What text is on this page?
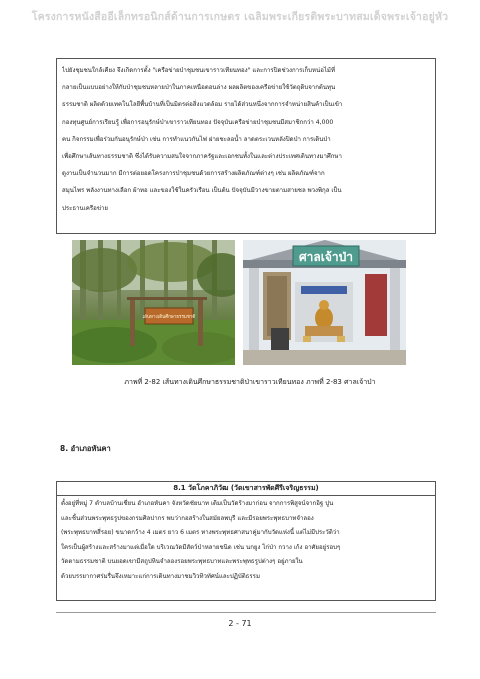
โครงการหนังสืออีเล็กทรอนิกส์ด้านการเกษตร เฉลิมพระเกียรติพระบาทสมเด็จพระเจ้าอยู่หัว

ไปยังชุมชนใกล้เคียง จึงเกิดการตั้ง "เครือข่ายป่าชุมชนเขาราวเทียนทอง" และการปิดช่วงการเก็บหน่อไม้ที่

กลายเป็นแบบอย่างให้กับป่าชุมชนหลายป่าในภาคเหนือตอนล่าง ผลผลิตของเครือข่ายใช้วัตถุดิบจากต้นทุน

ธรรมชาติ ผลิตด้วยเทคโนโลยีพื้นบ้านที่เป็นมิตรต่อสิ่งแวดล้อม รายได้ส่วนหนึ่งจากการจำหน่ายสินค้าเป็นเข้า

กองทุนศูนย์การเรียนรู้ เพื่อการอนุรักษ์ป่าเขาราวเทียนทอง ปัจจุบันเครือข่ายป่าชุมชนมีสมาชิกกว่า 4,000

คน กิจกรรมเพื่อร่วมกันอนุรักษ์ป่า เช่น การทำแนวกันไฟ ฝายชะลอน้ำ ลาดตระเวนหลังปิดป่า การเดินป่า

เพื่อศึกษาเส้นทางธรรมชาติ ซึ่งได้รับความสนใจจากภาครัฐและเอกชนทั้งในและต่างประเทศเดินทางมาศึกษา

ดูงานเป็นจำนวนมาก มีการต่อยอดโครงการป่าชุมชนด้วยการสร้างผลิตภัณฑ์ต่างๆ เช่น ผลิตภัณฑ์จาก

สมุนไพร พลังงานทางเลือก ผ้าทอ และของใช้ในครัวเรือน เป็นต้น ปัจจุบันมีวางขายตามสายชล พวงพิกุล เป็น

ประธานเครือข่าย

เส้นทางเดินศึกษาธรรมชาติ
ศาลเจ้าป่า
ภาพที่ 2-82 เส้นทางเดินศึกษาธรรมชาติป่าเขาราวเทียนทอง ภาพที่ 2-83 ศาลเจ้าป่า
8. อำเภอหันคา
8.1 วัดโภคาภิวัฒ (วัดเขาสารพัดศีรีเจริญธรรม)

ตั้งอยู่ที่หมู่ 7 ตำบลบ้านเชี่ยน อำเภอหันคา จังหวัดชัยนาท เดิมเป็นวัดร้างมาก่อน จากการพิสูจน์จากอิฐ ปูน

และชิ้นส่วนพระพุทธรูปของกรมศิลปากร พบว่ากอสร้างในสมัยลพบุรี และมีรอยพระพุทธบาทจำลอง

(พระพุทธบาทสี่รอย) ขนาดกว้าง 4 เมตร ยาว 6 เมตร ทางพระพุทธศาสนาคู่มากับวัดแห่งนี้ แต่ไม่มีประวัติว่า

ใครเป็นผู้สร้างและสร้างมาแต่เมื่อใด บริเวณวัดมีสัตว์ป่าหลายชนิด เช่น นกยูง ไก่ป่า กวาง เก้ง อาศัยอยู่รอบๆ

วัดตามธรรมชาติ บนยอดเขามีสถูปหินจำลองรอยพระพุทธบาทและพระพุทธรูปต่างๆ อยู่ภายใน

ด้วยบรรยากาศร่มรื่นจึงเหมาะแก่การเดินทางมาชมวิวทิวทัศน์และปฏิบัติธรรม

2 - 71
